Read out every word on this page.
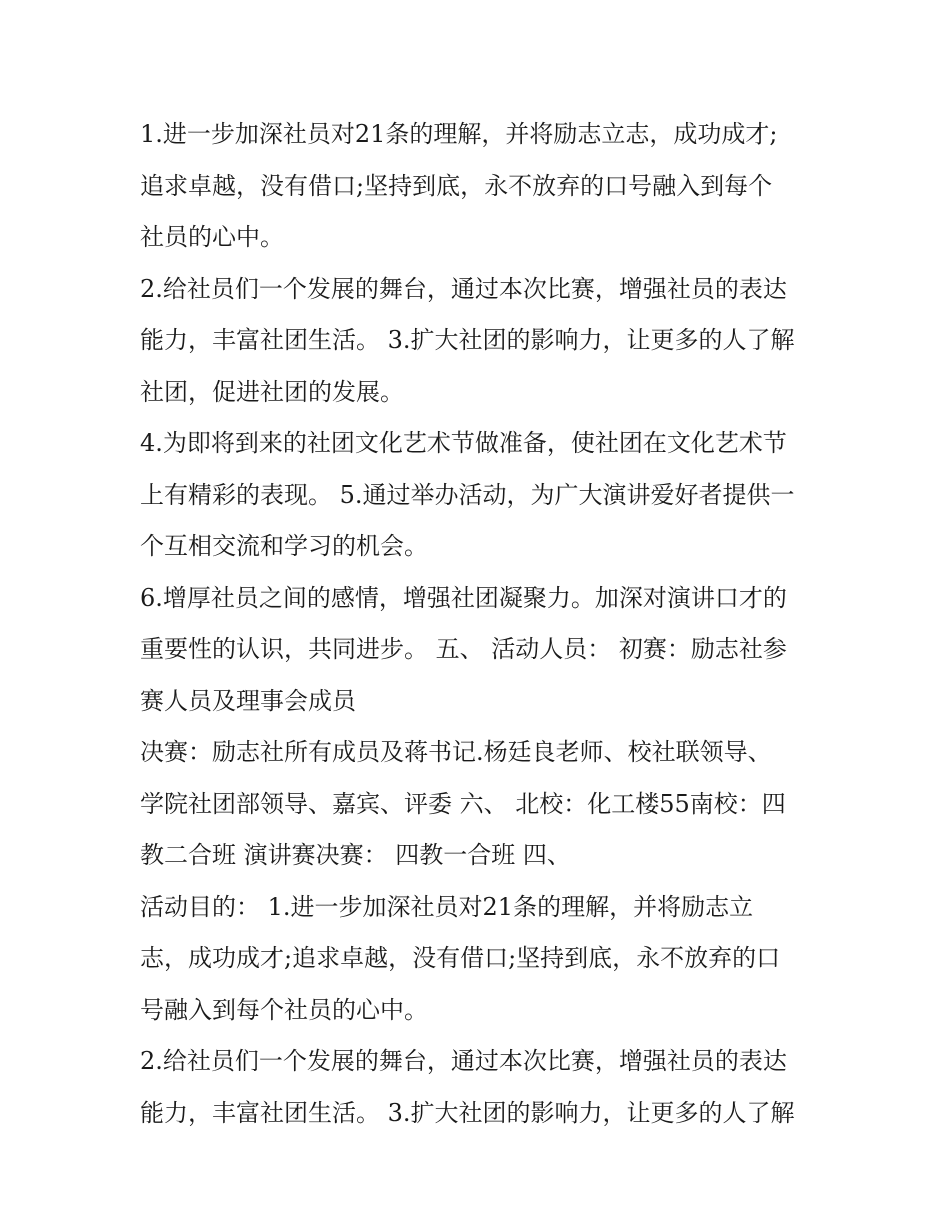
1.进一步加深社员对21条的理解，并将励志立志，成功成才;
追求卓越，没有借口;坚持到底，永不放弃的口号融入到每个
社员的心中。
2.给社员们一个发展的舞台，通过本次比赛，增强社员的表达
能力，丰富社团生活。 3.扩大社团的影响力，让更多的人了解
社团，促进社团的发展。
4.为即将到来的社团文化艺术节做准备，使社团在文化艺术节
上有精彩的表现。 5.通过举办活动，为广大演讲爱好者提供一
个互相交流和学习的机会。
6.增厚社员之间的感情，增强社团凝聚力。加深对演讲口才的
重要性的认识，共同进步。 五、 活动人员： 初赛：励志社参
赛人员及理事会成员
决赛：励志社所有成员及蒋书记.杨廷良老师、校社联领导、
学院社团部领导、嘉宾、评委 六、 北校：化工楼55南校：四
教二合班 演讲赛决赛： 四教一合班 四、
活动目的： 1.进一步加深社员对21条的理解，并将励志立
志，成功成才;追求卓越，没有借口;坚持到底，永不放弃的口
号融入到每个社员的心中。
2.给社员们一个发展的舞台，通过本次比赛，增强社员的表达
能力，丰富社团生活。 3.扩大社团的影响力，让更多的人了解
